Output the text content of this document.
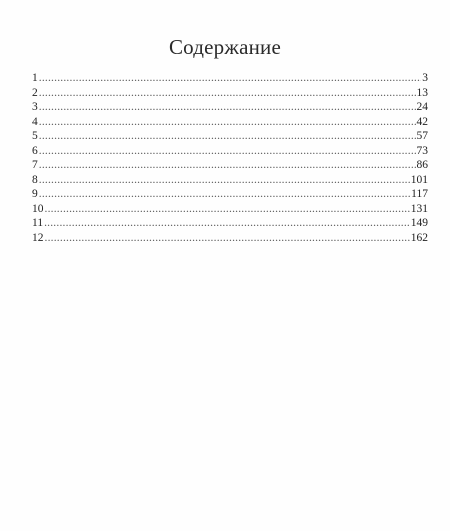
Содержание
1 .....	3
2 .....	13
3 .....	24
4 .....	42
5 .....	57
6 .....	73
7 .....	86
8 .....	101
9 .....	117
10 .....	131
11 .....	149
12 .....	162
